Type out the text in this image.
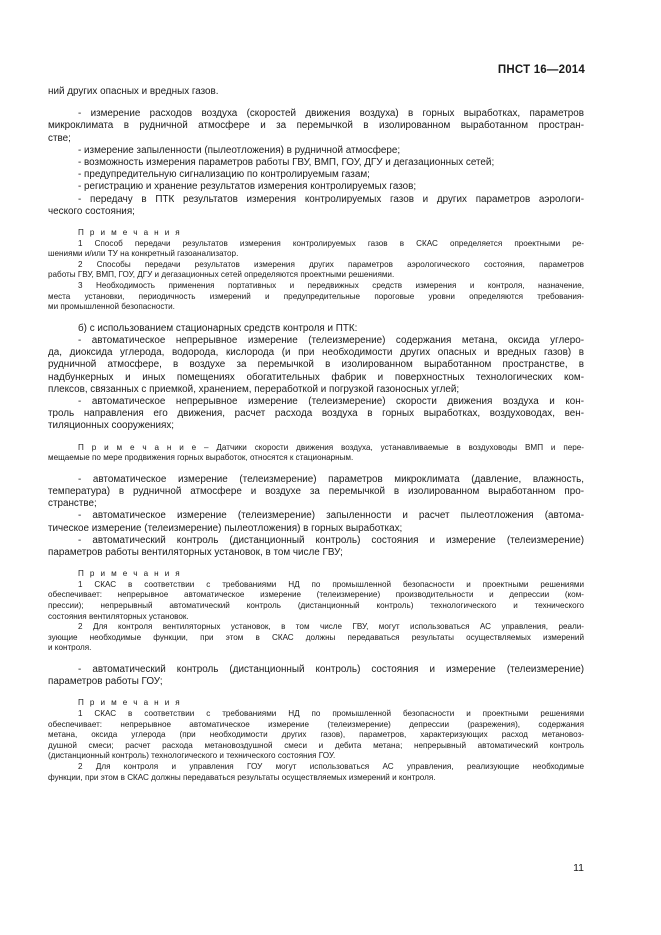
ПНСТ 16—2014
ний других опасных и вредных газов.
- измерение расходов воздуха (скоростей движения воздуха) в горных выработках, параметров
микроклимата в рудничной атмосфере и за перемычкой в изолированном выработанном простран-
стве;
- измерение запыленности (пылеотложения) в рудничной атмосфере;
- возможность измерения параметров работы ГВУ, ВМП, ГОУ, ДГУ и дегазационных сетей;
- предупредительную сигнализацию по контролируемым газам;
- регистрацию и хранение результатов измерения контролируемых газов;
- передачу в ПТК результатов измерения контролируемых газов и других параметров аэрологи-
ческого состояния;
П р и м е ч а н и я
1 Способ передачи результатов измерения контролируемых газов в СКАС определяется проектными ре-
шениями и/или ТУ на конкретный газоанализатор.
2 Способы передачи результатов измерения других параметров аэрологического состояния, параметров
работы ГВУ, ВМП, ГОУ, ДГУ и дегазационных сетей определяются проектными решениями.
3 Необходимость применения портативных и передвижных средств измерения и контроля, назначение,
места установки, периодичность измерений и предупредительные пороговые уровни определяются требования-
ми промышленной безопасности.
б) с использованием стационарных средств контроля и ПТК:
- автоматическое непрерывное измерение (телеизмерение) содержания метана, оксида углеро-
да, диоксида углерода, водорода, кислорода (и при необходимости других опасных и вредных газов) в
рудничной атмосфере, в воздухе за перемычкой в изолированном выработанном пространстве, в
надбункерных и иных помещениях обогатительных фабрик и поверхностных технологических ком-
плексов, связанных с приемкой, хранением, переработкой и погрузкой газоносных углей;
- автоматическое непрерывное измерение (телеизмерение) скорости движения воздуха и кон-
троль направления его движения, расчет расхода воздуха в горных выработках, воздуховодах, вен-
тиляционных сооружениях;
П р и м е ч а н и е – Датчики скорости движения воздуха, устанавливаемые в воздуховоды ВМП и пере-
мещаемые по мере продвижения горных выработок, относятся к стационарным.
- автоматическое измерение (телеизмерение) параметров микроклимата (давление, влажность,
температура) в рудничной атмосфере и воздухе за перемычкой в изолированном выработанном про-
странстве;
- автоматическое измерение (телеизмерение) запыленности и расчет пылеотложения (автома-
тическое измерение (телеизмерение) пылеотложения) в горных выработках;
- автоматический контроль (дистанционный контроль) состояния и измерение (телеизмерение)
параметров работы вентиляторных установок, в том числе ГВУ;
П р и м е ч а н и я
1 СКАС в соответствии с требованиями НД по промышленной безопасности и проектными решениями
обеспечивает: непрерывное автоматическое измерение (телеизмерение) производительности и депрессии (ком-
прессии); непрерывный автоматический контроль (дистанционный контроль) технологического и технического
состояния вентиляторных установок.
2 Для контроля вентиляторных установок, в том числе ГВУ, могут использоваться АС управления, реали-
зующие необходимые функции, при этом в СКАС должны передаваться результаты осуществляемых измерений
и контроля.
- автоматический контроль (дистанционный контроль) состояния и измерение (телеизмерение)
параметров работы ГОУ;
П р и м е ч а н и я
1 СКАС в соответствии с требованиями НД по промышленной безопасности и проектными решениями
обеспечивает: непрерывное автоматическое измерение (телеизмерение) депрессии (разрежения), содержания
метана, оксида углерода (при необходимости других газов), параметров, характеризующих расход метановоз-
душной смеси; расчет расхода метановоздушной смеси и дебита метана; непрерывный автоматический контроль
(дистанционный контроль) технологического и технического состояния ГОУ.
2 Для контроля и управления ГОУ могут использоваться АС управления, реализующие необходимые
функции, при этом в СКАС должны передаваться результаты осуществляемых измерений и контроля.
11
